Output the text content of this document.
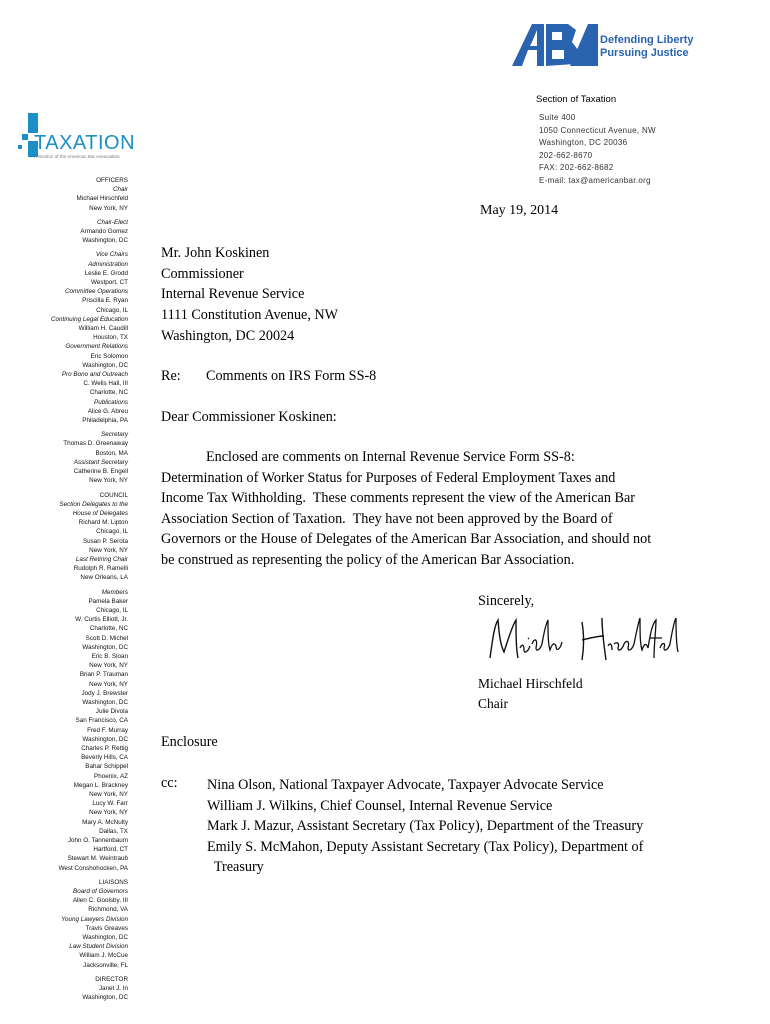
Defending Liberty
Pursuing Justice
Section of Taxation
Suite 400
1050 Connecticut Avenue, NW
Washington, DC 20036
202-662-8670
FAX: 202-662-8682
E-mail: tax@americanbar.org
TAXATION
A Section of the American Bar Association
OFFICERS
Chair
Michael Hirschfeld
New York, NY
Chair-Elect
Armando Gomez
Washington, DC
Vice Chairs
Administration
Leslie E. Grodd
Westport, CT
Committee Operations
Priscilla E. Ryan
Chicago, IL
Continuing Legal Education
William H. Caudill
Houston, TX
Government Relations
Eric Solomon
Washington, DC
Pro Bono and Outreach
C. Wells Hall, III
Charlotte, NC
Publications
Alice G. Abreu
Philadelphia, PA
Secretary
Thomas D. Greenaway
Boston, MA
Assistant Secretary
Catherine B. Engell
New York, NY
COUNCIL
Section Delegates to the
House of Delegates
Richard M. Lipton
Chicago, IL
Susan P. Serota
New York, NY
Last Retiring Chair
Rudolph R. Ramelli
New Orleans, LA
Members
Pamela Baker
Chicago, IL
W. Curtis Elliott, Jr.
Charlotte, NC
Scott D. Michel
Washington, DC
Eric B. Sloan
New York, NY
Brian P. Trauman
New York, NY
Jody J. Brewster
Washington, DC
Julie Divola
San Francisco, CA
Fred F. Murray
Washington, DC
Charles P. Rettig
Beverly Hills, CA
Bahar Schippel
Phoenix, AZ
Megan L. Brackney
New York, NY
Lucy W. Farr
New York, NY
Mary A. McNulty
Dallas, TX
John O. Tannenbaum
Hartford, CT
Stewart M. Weintraub
West Conshohocken, PA
LIAISONS
Board of Governors
Allen C. Goolsby, III
Richmond, VA
Young Lawyers Division
Travis Greaves
Washington, DC
Law Student Division
William J. McCue
Jacksonville, FL
DIRECTOR
Janet J. In
Washington, DC
May 19, 2014
Mr. John Koskinen
Commissioner
Internal Revenue Service
1111 Constitution Avenue, NW
Washington, DC 20024
Re: Comments on IRS Form SS-8
Dear Commissioner Koskinen:
Enclosed are comments on Internal Revenue Service Form SS-8:
Determination of Worker Status for Purposes of Federal Employment Taxes and
Income Tax Withholding.  These comments represent the view of the American Bar
Association Section of Taxation.  They have not been approved by the Board of
Governors or the House of Delegates of the American Bar Association, and should not
be construed as representing the policy of the American Bar Association.
Sincerely,
Michael Hirschfeld
Chair
Enclosure
cc: Nina Olson, National Taxpayer Advocate, Taxpayer Advocate Service
William J. Wilkins, Chief Counsel, Internal Revenue Service
Mark J. Mazur, Assistant Secretary (Tax Policy), Department of the Treasury
Emily S. McMahon, Deputy Assistant Secretary (Tax Policy), Department of
Treasury
